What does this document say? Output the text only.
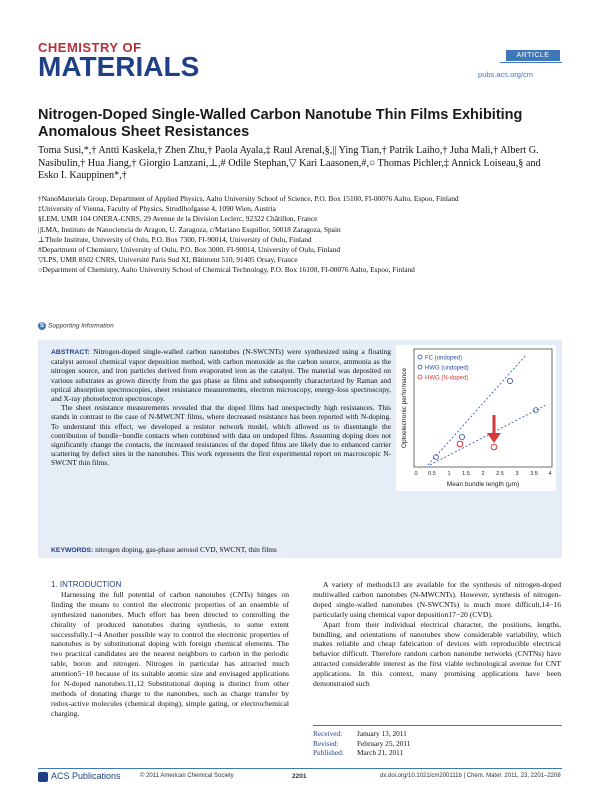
CHEMISTRY OF
MATERIALS	ARTICLE
pubs.acs.org/cm
Nitrogen-Doped Single-Walled Carbon Nanotube Thin Films Exhibiting Anomalous Sheet Resistances
Toma Susi,*,† Antti Kaskela,† Zhen Zhu,† Paola Ayala,‡ Raul Arenal,§,|| Ying Tian,† Patrik Laiho,† Juha Mali,† Albert G. Nasibulin,† Hua Jiang,† Giorgio Lanzani,⊥,# Odile Stephan,▽ Kari Laasonen,#,○ Thomas Pichler,‡ Annick Loiseau,§ and Esko I. Kauppinen*,†
†NanoMaterials Group, Department of Applied Physics, Aalto University School of Science, P.O. Box 15100, FI-00076 Aalto, Espoo, Finland
‡University of Vienna, Faculty of Physics, Strudlhofgasse 4, 1090 Wien, Austria
§LEM, UMR 104 ONERA-CNRS, 29 Avenue de la Division Leclerc, 92322 Châtillon, France
||LMA, Instituto de Nanociencia de Aragon, U. Zaragoza, c/Mariano Esquillor, 50018 Zaragoza, Spain
⊥Thule Institute, University of Oulu, P.O. Box 7300, FI-90014, University of Oulu, Finland
#Department of Chemistry, University of Oulu, P.O. Box 3000, FI-90014, University of Oulu, Finland
▽LPS, UMR 8502 CNRS, Université Paris Sud XI, Bâtiment 510, 91405 Orsay, France
○Department of Chemistry, Aalto University School of Chemical Technology, P.O. Box 16100, FI-00076 Aalto, Espoo, Finland
S Supporting Information

ABSTRACT: Nitrogen-doped single-walled carbon nanotubes (N-SWCNTs) were synthesized using a floating catalyst aerosol chemical vapor deposition method, with carbon monoxide as the carbon source, ammonia as the nitrogen source, and iron particles derived from evaporated iron as the catalyst. The material was deposited on various substrates as grown directly from the gas phase as films and subsequently characterized by Raman and optical absorption spectroscopies, sheet resistance measurements, electron microscopy, energy-loss spectroscopy, and X-ray photoelectron spectroscopy.

The sheet resistance measurements revealed that the doped films had unexpectedly high resistances. This stands in contrast to the case of N-MWCNT films, where decreased resistance has been reported with N-doping. To understand this effect, we developed a resistor network model, which allowed us to disentangle the contribution of bundle−bundle contacts when combined with data on undoped films. Assuming doping does not significantly change the contacts, the increased resistances of the doped films are likely due to enhanced carrier scattering by defect sites in the nanotubes. This work represents the first experimental report on macroscopic N-SWCNT thin films.

KEYWORDS: nitrogen doping, gas-phase aerosol CVD, SWCNT, thin films
FC (undoped)
HWG (undoped)
HWG (N-doped)
0 0.5 1 1.5 2 2.5 3 3.5 4
Mean bundle length (μm)
Optoelectronic performance

1. INTRODUCTION

Harnessing the full potential of carbon nanotubes (CNTs) hinges on finding the means to control the electronic properties of an ensemble of synthesized nanotubes. Much effort has been directed to controlling the chirality of produced nanotubes during synthesis, to some extent successfully.1−4 Another possible way to control the electronic properties of nanotubes is by substitutional doping with foreign chemical elements. The two practical candidates are the nearest neighbors to carbon in the periodic table, boron and nitrogen. Nitrogen in particular has attracted much attention5−10 because of its suitable atomic size and envisaged applications for N-doped nanotubes.11,12 Substitutional doping is distinct from other methods of donating charge to the nanotubes, such as charge transfer by redox-active molecules (chemical doping), simple gating, or electrochemical charging.

A variety of methods13 are available for the synthesis of nitrogen-doped multiwalled carbon nanotubes (N-MWCNTs). However, synthesis of nitrogen-doped single-walled nanotubes (N-SWCNTs) is much more difficult,14−16 particularly using chemical vapor deposition17−20 (CVD).

Apart from their individual electrical character, the positions, lengths, bundling, and orientations of nanotubes show considerable variability, which makes reliable and cheap fabrication of devices with reproducible electrical behavior difficult. Therefore random carbon nanotube networks (CNTNs) have attracted considerable interest as the first viable technological avenue for CNT applications. In this context, many promising applications have been demonstrated such

Received: January 13, 2011
Revised:	February 25, 2011
Published: March 21, 2011
ACS Publications	© 2011 American Chemical Society	2201	dx.doi.org/10.1021/cm200111b | Chem. Mater. 2011, 23, 2201–2208
